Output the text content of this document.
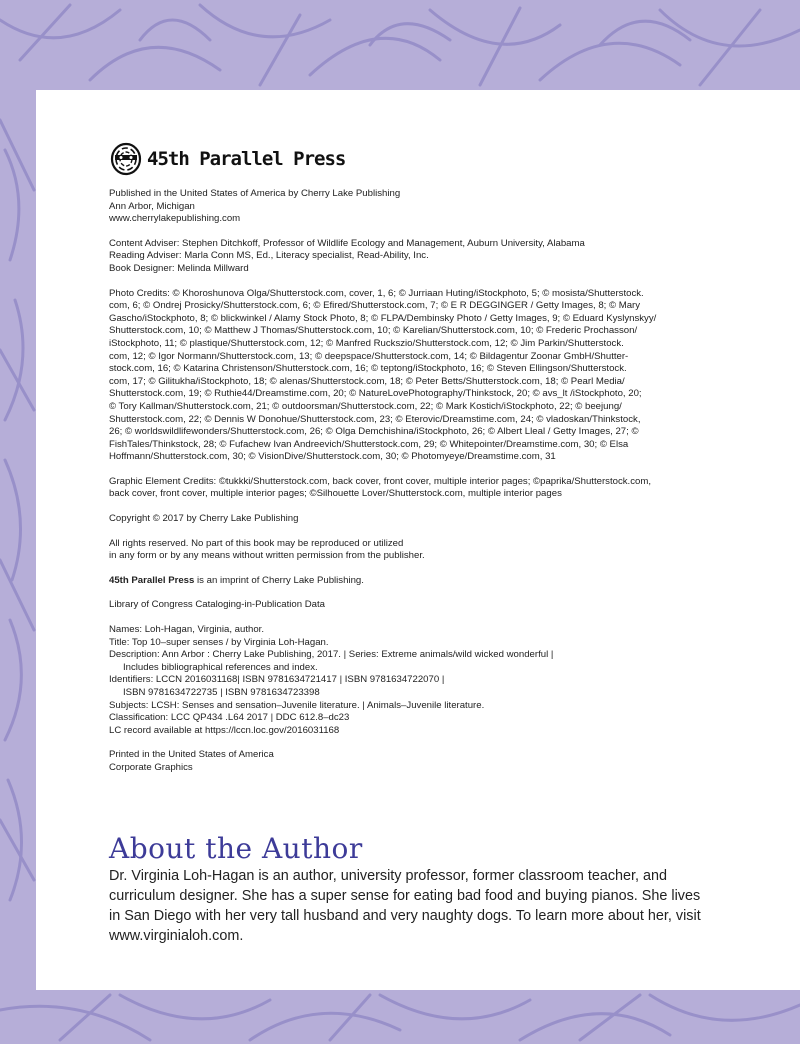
45th Parallel Press
Published in the United States of America by Cherry Lake Publishing
Ann Arbor, Michigan
www.cherrylakepublishing.com
Content Adviser: Stephen Ditchkoff, Professor of Wildlife Ecology and Management, Auburn University, Alabama
Reading Adviser: Marla Conn MS, Ed., Literacy specialist, Read-Ability, Inc.
Book Designer: Melinda Millward
Photo Credits: © Khoroshunova Olga/Shutterstock.com, cover, 1, 6; © Jurriaan Huting/iStockphoto, 5; © mosista/Shutterstock.
com, 6; © Ondrej Prosicky/Shutterstock.com, 6; © Efired/Shutterstock.com, 7; © E R DEGGINGER / Getty Images, 8; © Mary
Gascho/iStockphoto, 8; © blickwinkel / Alamy Stock Photo, 8; © FLPA/Dembinsky Photo / Getty Images, 9; © Eduard Kyslynskyy/
Shutterstock.com, 10; © Matthew J Thomas/Shutterstock.com, 10; © Karelian/Shutterstock.com, 10; © Frederic Prochasson/
iStockphoto, 11; © plastique/Shutterstock.com, 12; © Manfred Ruckszio/Shutterstock.com, 12; © Jim Parkin/Shutterstock.
com, 12; © Igor Normann/Shutterstock.com, 13; © deepspace/Shutterstock.com, 14; © Bildagentur Zoonar GmbH/Shutter-
stock.com, 16; © Katarina Christenson/Shutterstock.com, 16; © teptong/iStockphoto, 16; © Steven Ellingson/Shutterstock.
com, 17; © Gilitukha/iStockphoto, 18; © alenas/Shutterstock.com, 18; © Peter Betts/Shutterstock.com, 18; © Pearl Media/
Shutterstock.com, 19; © Ruthie44/Dreamstime.com, 20; © NatureLovePhotography/Thinkstock, 20; © avs_lt /iStockphoto, 20;
© Tory Kallman/Shutterstock.com, 21; © outdoorsman/Shutterstock.com, 22; © Mark Kostich/iStockphoto, 22; © beejung/
Shutterstock.com, 22; © Dennis W Donohue/Shutterstock.com, 23; © Eterovic/Dreamstime.com, 24; © vladoskan/Thinkstock,
26; © worldswildlifewonders/Shutterstock.com, 26; © Olga Demchishina/iStockphoto, 26; © Albert Lleal / Getty Images, 27; ©
FishTales/Thinkstock, 28; © Fufachew Ivan Andreevich/Shutterstock.com, 29; © Whitepointer/Dreamstime.com, 30; © Elsa
Hoffmann/Shutterstock.com, 30; © VisionDive/Shutterstock.com, 30; © Photomyeye/Dreamstime.com, 31
Graphic Element Credits: ©tukkki/Shutterstock.com, back cover, front cover, multiple interior pages; ©paprika/Shutterstock.com,
back cover, front cover, multiple interior pages; ©Silhouette Lover/Shutterstock.com, multiple interior pages
Copyright © 2017 by Cherry Lake Publishing
All rights reserved. No part of this book may be reproduced or utilized
in any form or by any means without written permission from the publisher.
45th Parallel Press is an imprint of Cherry Lake Publishing.
Library of Congress Cataloging-in-Publication Data
Names: Loh-Hagan, Virginia, author.
Title: Top 10–super senses / by Virginia Loh-Hagan.
Description: Ann Arbor : Cherry Lake Publishing, 2017. | Series: Extreme animals/wild wicked wonderful |
Includes bibliographical references and index.
Identifiers: LCCN 2016031168| ISBN 9781634721417 | ISBN 9781634722070 |
ISBN 9781634722735 | ISBN 9781634723398
Subjects: LCSH: Senses and sensation–Juvenile literature. | Animals–Juvenile literature.
Classification: LCC QP434 .L64 2017 | DDC 612.8–dc23
LC record available at https://lccn.loc.gov/2016031168
Printed in the United States of America
Corporate Graphics
About the Author
Dr. Virginia Loh-Hagan is an author, university professor, former classroom teacher, and
curriculum designer. She has a super sense for eating bad food and buying pianos. She lives
in San Diego with her very tall husband and very naughty dogs. To learn more about her, visit
www.virginialoh.com.
